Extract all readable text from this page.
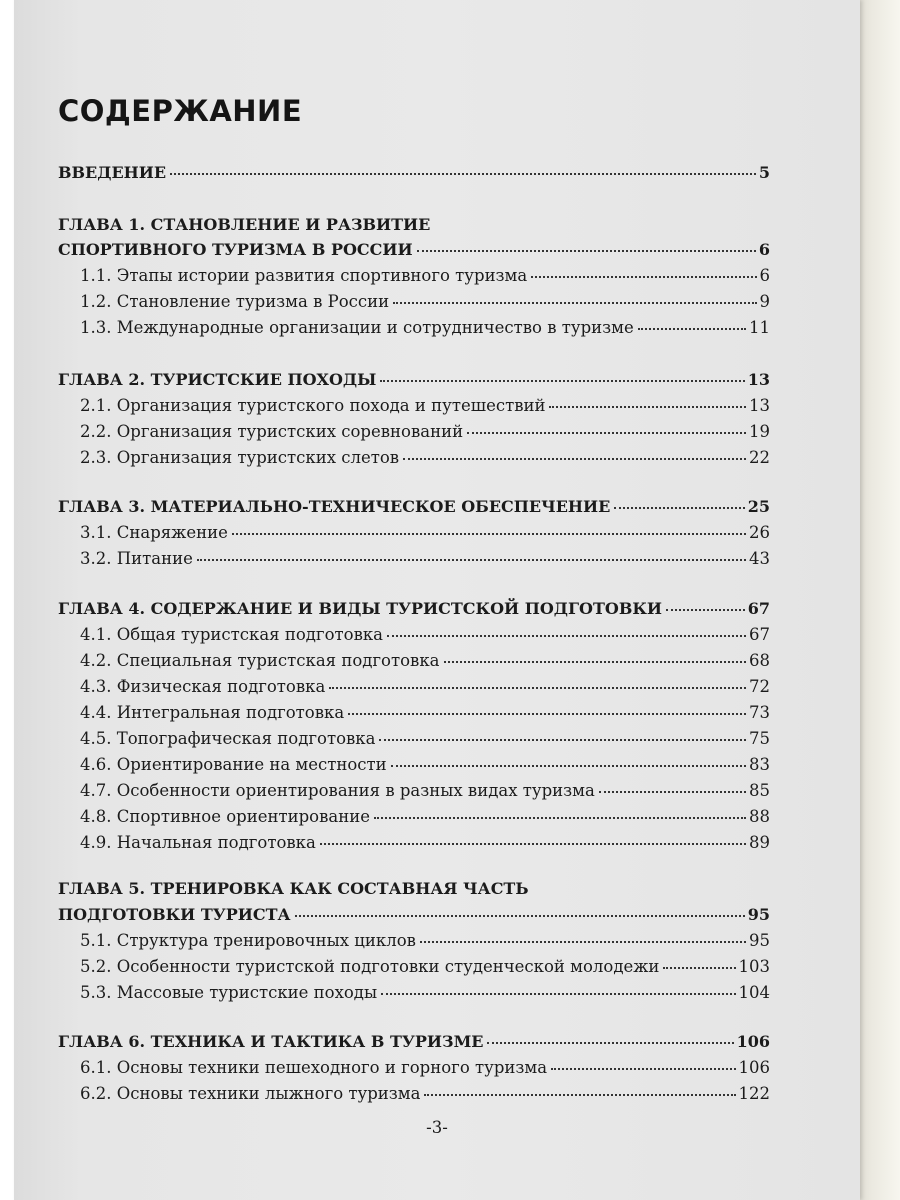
СОДЕРЖАНИЕ
ВВЕДЕНИЕ	5
ГЛАВА 1. СТАНОВЛЕНИЕ И РАЗВИТИЕ
СПОРТИВНОГО ТУРИЗМА В РОССИИ	6
1.1. Этапы истории развития спортивного туризма	6
1.2. Становление туризма в России	9
1.3. Международные организации и сотрудничество в туризме	11
ГЛАВА 2. ТУРИСТСКИЕ ПОХОДЫ	13
2.1. Организация туристского похода и путешествий	13
2.2. Организация туристских соревнований	19
2.3. Организация туристских слетов	22
ГЛАВА 3. МАТЕРИАЛЬНО-ТЕХНИЧЕСКОЕ ОБЕСПЕЧЕНИЕ	25
3.1. Снаряжение	26
3.2. Питание	43
ГЛАВА 4. СОДЕРЖАНИЕ И ВИДЫ ТУРИСТСКОЙ ПОДГОТОВКИ	67
4.1. Общая туристская подготовка	67
4.2. Специальная туристская подготовка	68
4.3. Физическая подготовка	72
4.4. Интегральная подготовка	73
4.5. Топографическая подготовка	75
4.6. Ориентирование на местности	83
4.7. Особенности ориентирования в разных видах туризма	85
4.8. Спортивное ориентирование	88
4.9. Начальная подготовка	89
ГЛАВА 5. ТРЕНИРОВКА КАК СОСТАВНАЯ ЧАСТЬ
ПОДГОТОВКИ ТУРИСТА	95
5.1. Структура тренировочных циклов	95
5.2. Особенности туристской подготовки студенческой молодежи	103
5.3. Массовые туристские походы	104
ГЛАВА 6. ТЕХНИКА И ТАКТИКА В ТУРИЗМЕ	106
6.1. Основы техники пешеходного и горного туризма	106
6.2. Основы техники лыжного туризма	122
-3-
